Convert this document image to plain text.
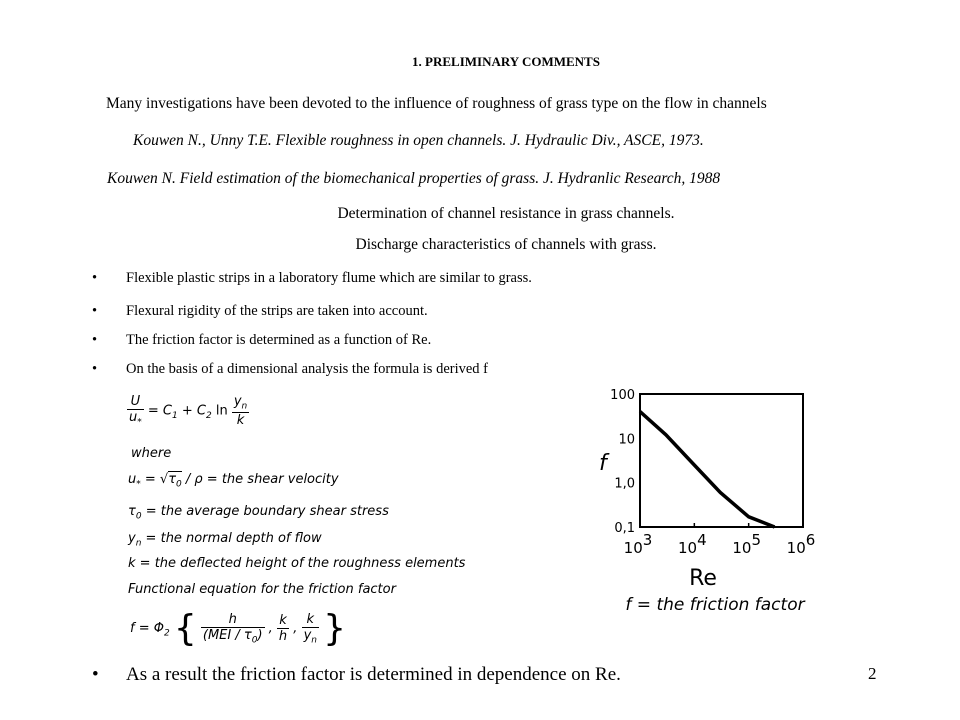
1. PRELIMINARY COMMENTS
Many investigations have been devoted to the influence of roughness of grass type on the flow in channels
Kouwen N., Unny T.E. Flexible roughness in open channels. J. Hydraulic Div., ASCE, 1973.
Kouwen N. Field estimation of the biomechanical properties of grass. J. Hydranlic Research, 1988
Determination of channel resistance in grass channels.
Discharge characteristics of channels with grass.
• Flexible plastic strips in a laboratory flume which are similar to grass.
• Flexural rigidity of the strips are taken into account.
• The friction factor is determined as a function of Re.
• On the basis of a dimensional analysis the formula is derived f
$\frac{U}{u_*} = C_1 + C_2$ $\ln \frac{y_n}{k}$
where
$u_* = √\tau_0 / \rho$ = the shear velocity
$\tau_0$ = the average boundary shear stress
$y_n$ = the normal depth of flow
k = the deflected height of the roughness elements
Functional equation for the friction factor
$f = \Phi_2$ { $\frac{h}{(MEI / \tau_0)}$ , $\frac{k}{h}$ , $\frac{k}{y_n}$ }
100
10
1,0
0,1
103 104 105 106
f
Re
f = the friction factor
• As a result the friction factor is determined in dependence on Re.	2
